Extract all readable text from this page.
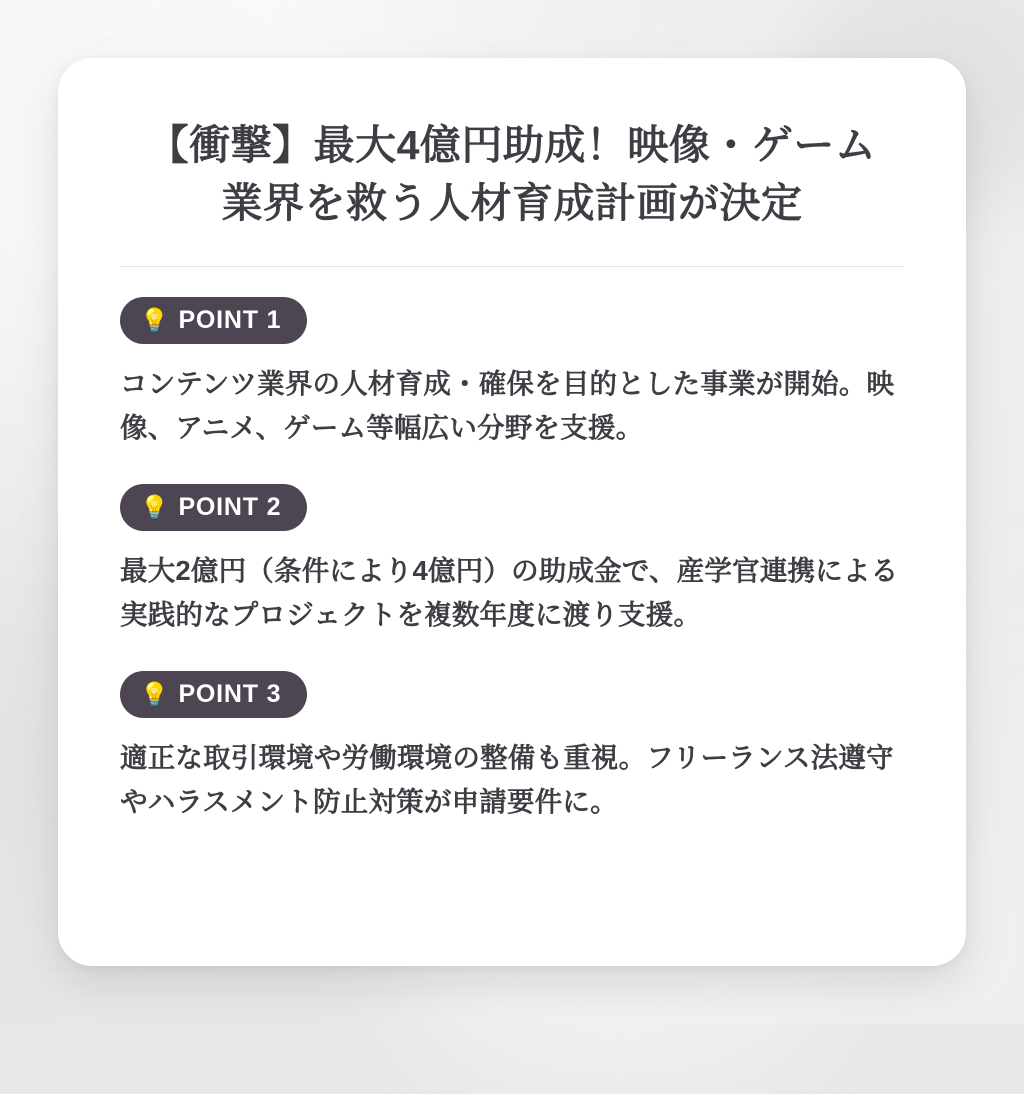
【衝撃】最大4億円助成！映像・ゲーム業界を救う人材育成計画が決定
💡 POINT 1

コンテンツ業界の人材育成・確保を目的とした事業が開始。映像、アニメ、ゲーム等幅広い分野を支援。

💡 POINT 2

最大2億円（条件により4億円）の助成金で、産学官連携による実践的なプロジェクトを複数年度に渡り支援。

💡 POINT 3

適正な取引環境や労働環境の整備も重視。フリーランス法遵守やハラスメント防止対策が申請要件に。
